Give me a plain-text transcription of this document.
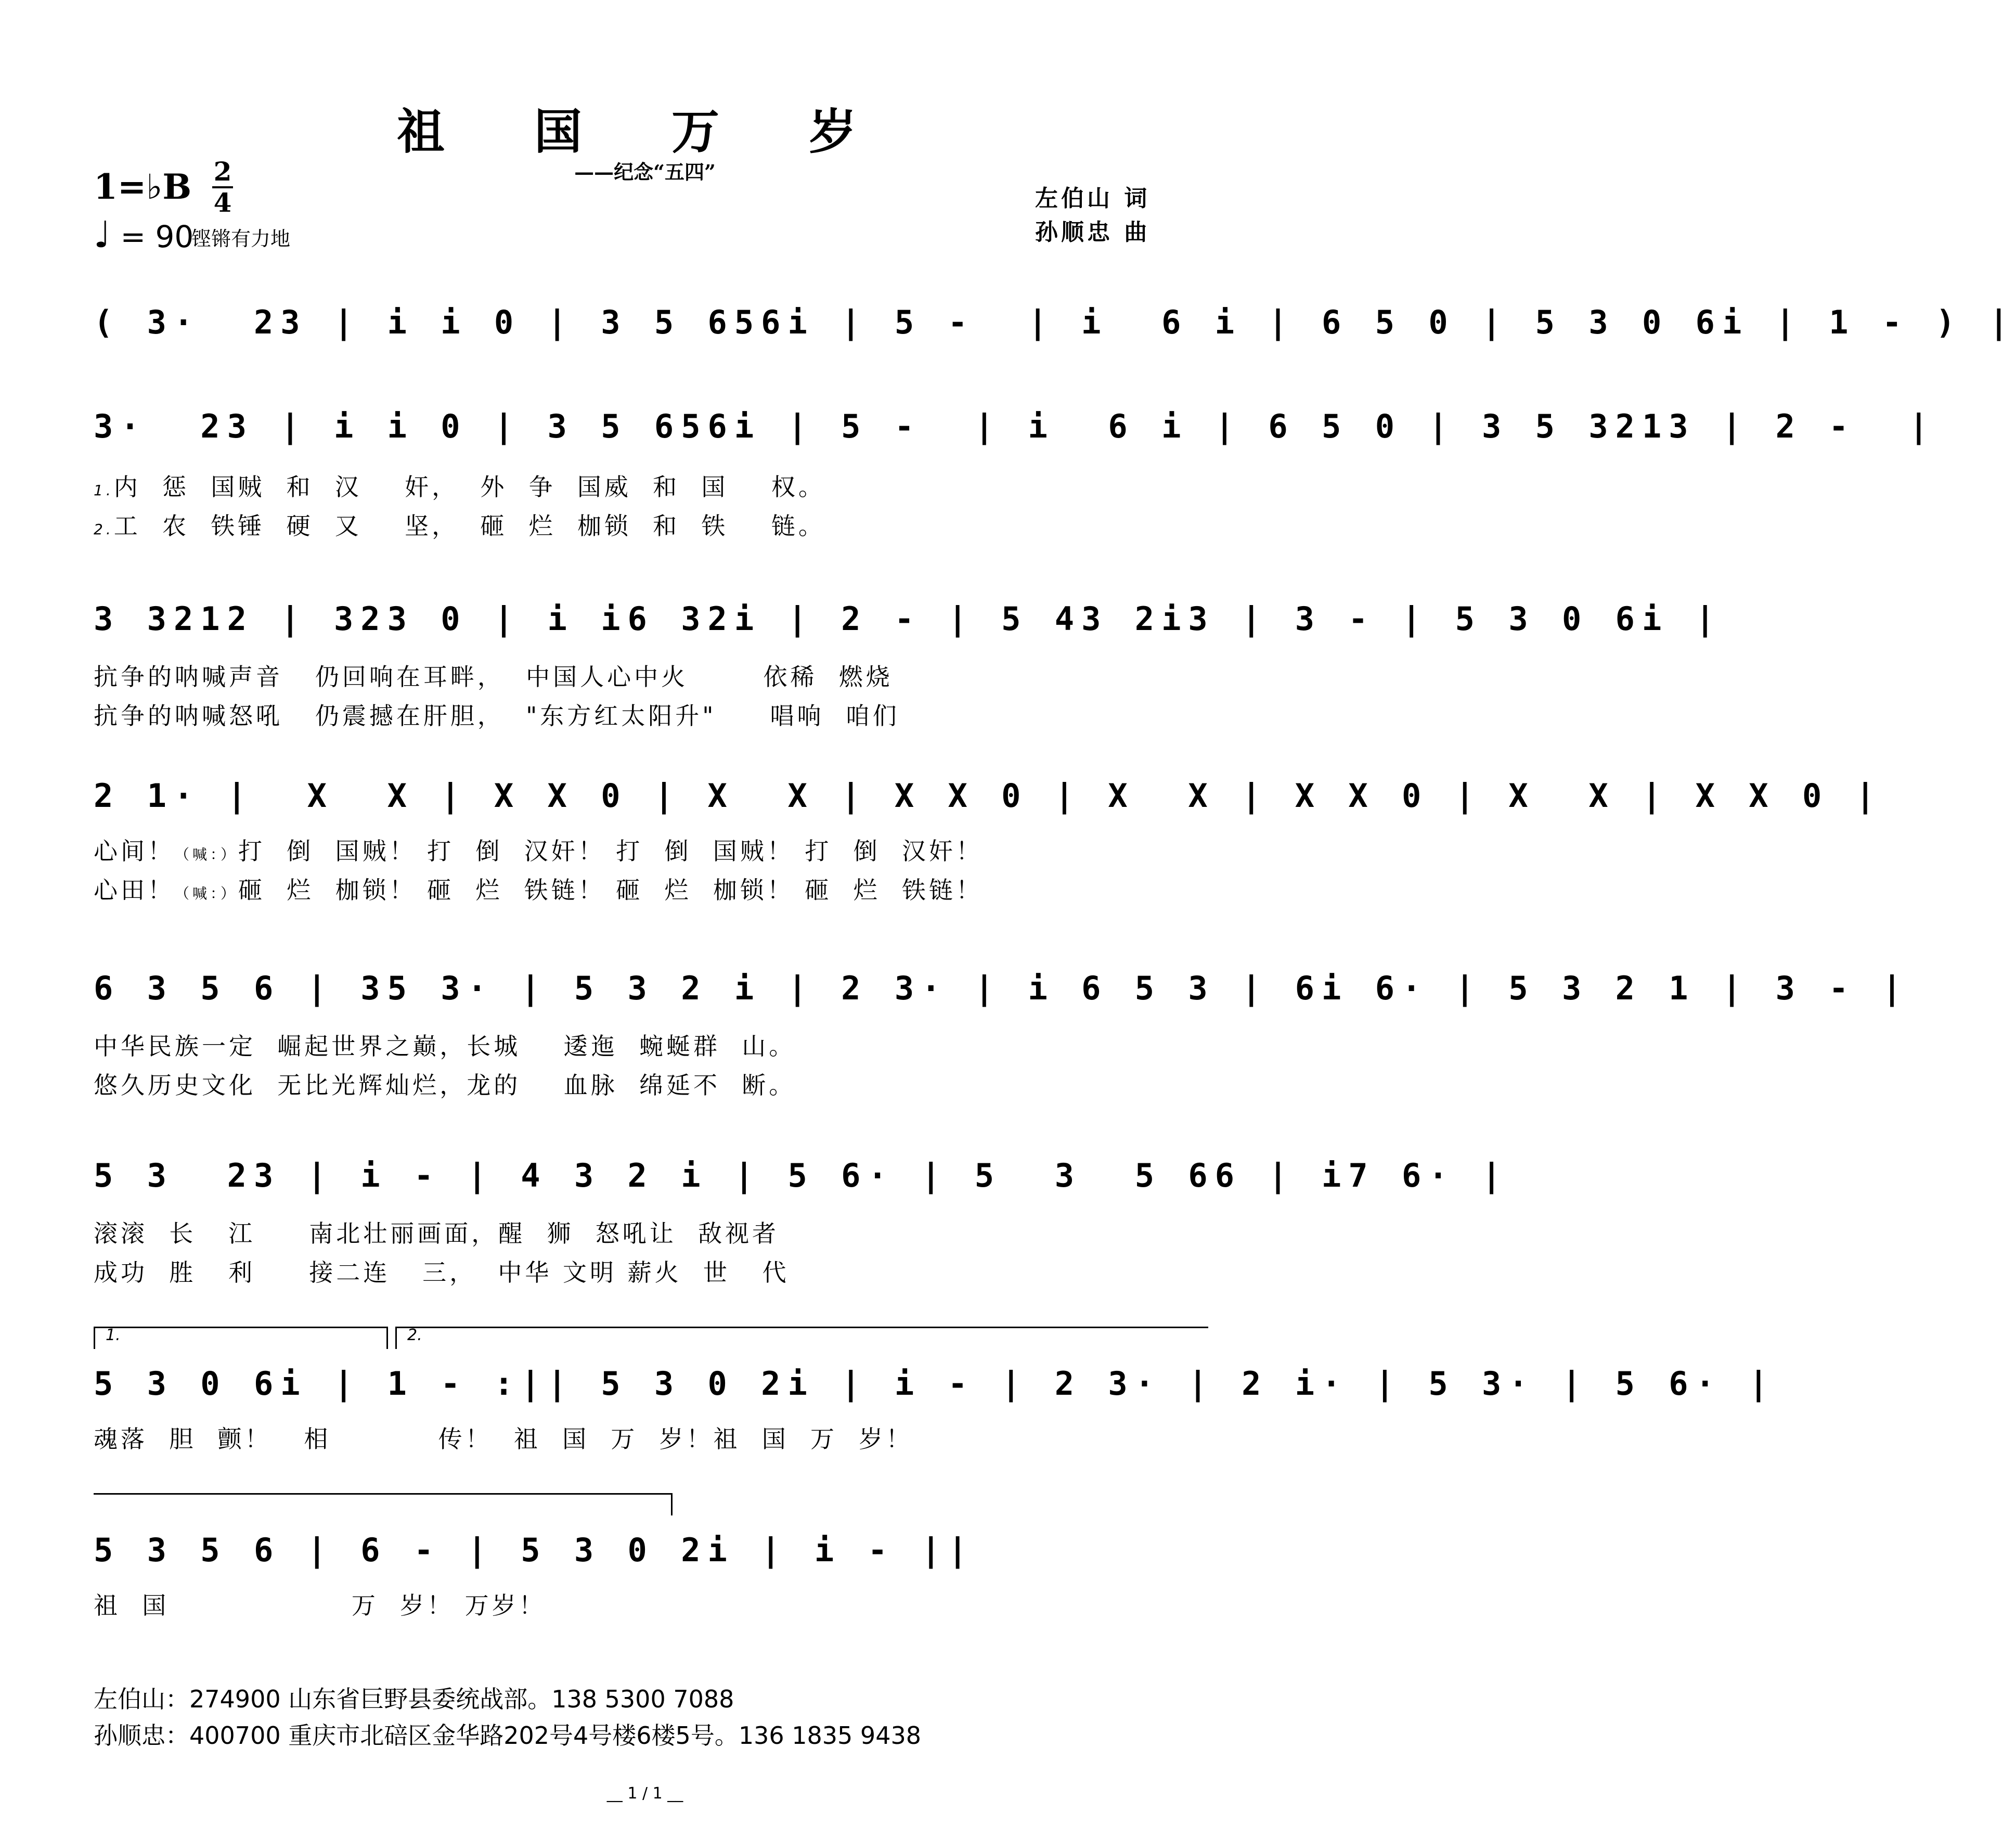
祖 国 万 岁
——纪念“五四”
1=♭B 2
4
♩ = 90
铿锵有力地
左伯山 词
孙顺忠 曲
( 3·  23 | i i 0 | 3 5 656i | 5 -  | i  6 i | 6 5 0 | 5 3 0 6i | 1 - ) |
3·  23 | i i 0 | 3 5 656i | 5 -  | i  6 i | 6 5 0 | 3 5 3213 | 2 -  |
1.内  惩  国贼  和  汉    奸，  外  争  国威  和  国    权。
2.工  农  铁锤  硬  又    坚，  砸  烂  枷锁  和  铁    链。
3 3212 | 323 0 | i i6 32i | 2 - | 5 43 2i3 | 3 - | 5 3 0 6i |
抗争的呐喊声音   仍回响在耳畔，  中国人心中火       依稀  燃烧
抗争的呐喊怒吼   仍震撼在肝胆，  "东方红太阳升"     唱响  咱们
2 1· |  X  X | X X 0 | X  X | X X 0 | X  X | X X 0 | X  X | X X 0 |
心间！（喊：）打  倒  国贼！ 打  倒  汉奸！ 打  倒  国贼！ 打  倒  汉奸！
心田！（喊：）砸  烂  枷锁！ 砸  烂  铁链！ 砸  烂  枷锁！ 砸  烂  铁链！
6 3 5 6 | 35 3· | 5 3 2 i | 2 3· | i 6 5 3 | 6i 6· | 5 3 2 1 | 3 - |
中华民族一定  崛起世界之巅，长城    逶迤  蜿蜒群  山。
悠久历史文化  无比光辉灿烂，龙的    血脉  绵延不  断。
5 3  23 | i - | 4 3 2 i | 5 6· | 5  3  5 66 | i7 6· |
滚滚  长   江     南北壮丽画面，醒  狮  怒吼让  敌视者
成功  胜   利     接二连   三，  中华 文明 薪火  世   代
1.	2.
5 3 0 6i | 1 - :|| 5 3 0 2i | i - | 2 3· | 2 i· | 5 3· | 5 6· |
魂落  胆  颤！   相          传！  祖  国  万  岁！祖  国  万  岁！
5 3 5 6 | 6 - | 5 3 0 2i | i - ||
祖  国                 万  岁！ 万岁！
左伯山：274900 山东省巨野县委统战部。138 5300 7088
孙顺忠：400700 重庆市北碚区金华路202号4号楼6楼5号。136 1835 9438
__ 1 / 1 __
